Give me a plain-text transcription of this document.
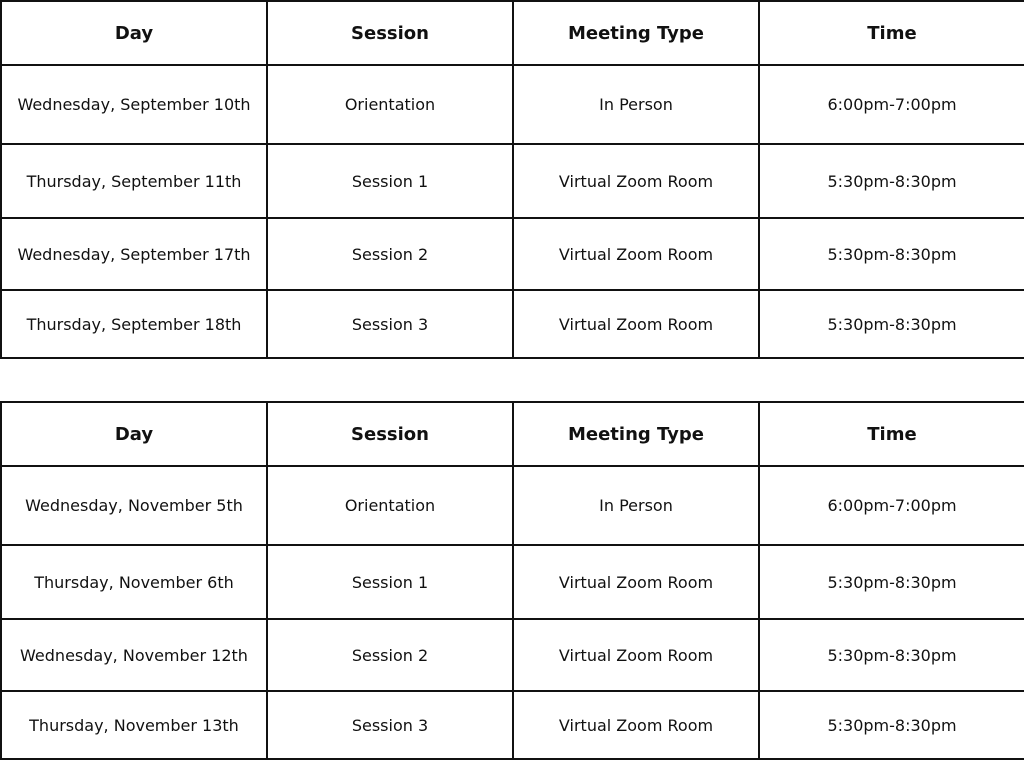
Day	Session	Meeting Type	Time
Wednesday, September 10th	Orientation	In Person	6:00pm-7:00pm
Thursday, September 11th	Session 1	Virtual Zoom Room	5:30pm-8:30pm
Wednesday, September 17th	Session 2	Virtual Zoom Room	5:30pm-8:30pm
Thursday, September 18th	Session 3	Virtual Zoom Room	5:30pm-8:30pm
Day	Session	Meeting Type	Time
Wednesday, November 5th	Orientation	In Person	6:00pm-7:00pm
Thursday, November 6th	Session 1	Virtual Zoom Room	5:30pm-8:30pm
Wednesday, November 12th	Session 2	Virtual Zoom Room	5:30pm-8:30pm
Thursday, November 13th	Session 3	Virtual Zoom Room	5:30pm-8:30pm
